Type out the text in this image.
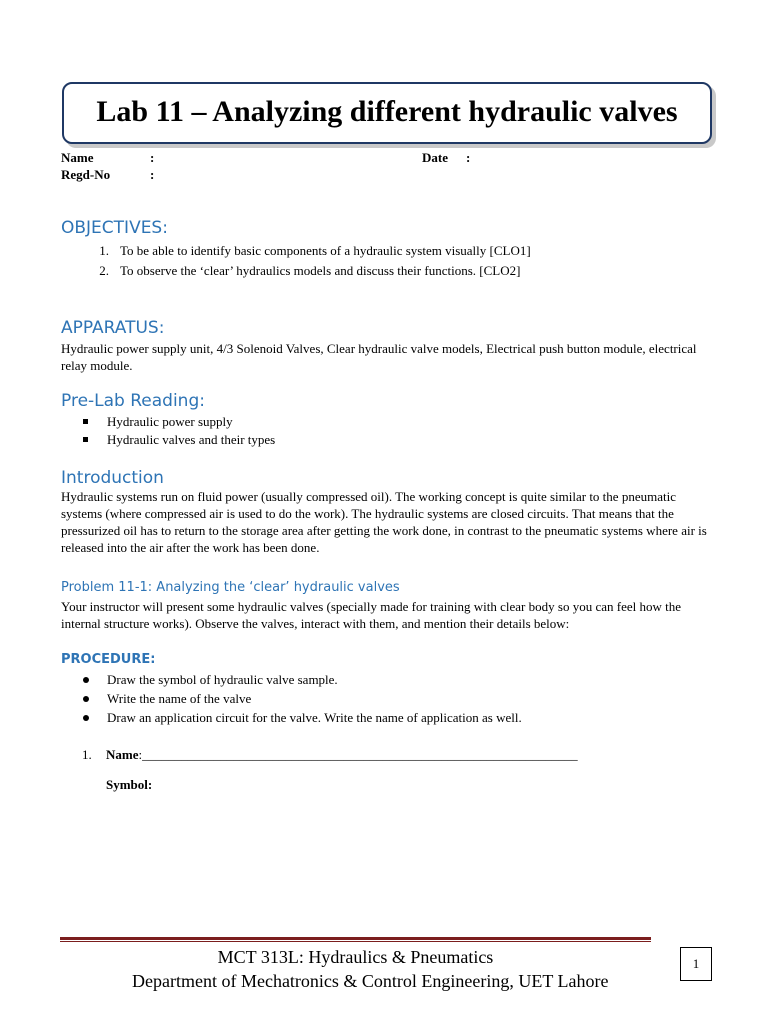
Lab 11 – Analyzing different hydraulic valves
Name	:
Regd-No	:
Date :
OBJECTIVES:
1. To be able to identify basic components of a hydraulic system visually [CLO1]
2. To observe the ‘clear’ hydraulics models and discuss their functions. [CLO2]
APPARATUS:
Hydraulic power supply unit, 4/3 Solenoid Valves, Clear hydraulic valve models, Electrical push button module, electrical relay module.
Pre-Lab Reading:
Hydraulic power supply
Hydraulic valves and their types
Introduction
Hydraulic systems run on fluid power (usually compressed oil). The working concept is quite similar to the pneumatic systems (where compressed air is used to do the work). The hydraulic systems are closed circuits. That means that the pressurized oil has to return to the storage area after getting the work done, in contrast to the pneumatic systems where air is released into the air after the work has been done.
Problem 11-1: Analyzing the ‘clear’ hydraulic valves
Your instructor will present some hydraulic valves (specially made for training with clear body so you can feel how the internal structure works). Observe the valves, interact with them, and mention their details below:
PROCEDURE:
Draw the symbol of hydraulic valve sample.
Write the name of the valve
Draw an application circuit for the valve. Write the name of application as well.
1. Name:___________________________________________________________________
Symbol:
MCT 313L: Hydraulics & Pneumatics
Department of Mechatronics & Control Engineering, UET Lahore
1
